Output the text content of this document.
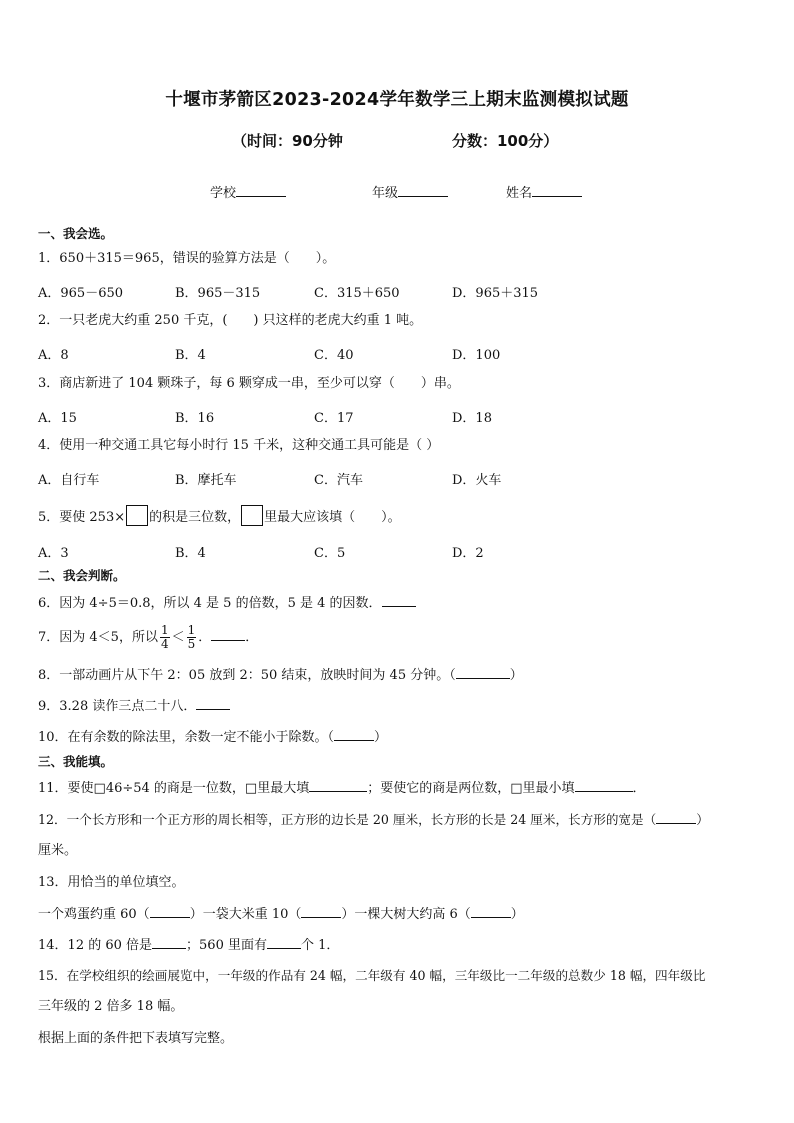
十堰市茅箭区2023-2024学年数学三上期末监测模拟试题
（时间：90分钟	分数：100分）
学校	年级	姓名
一、我会选。
1．650＋315＝965，错误的验算方法是（　　）。
A．965－650	B．965－315	C．315＋650	D．965＋315
2．一只老虎大约重 250 千克，(　　) 只这样的老虎大约重 1 吨。
A．8	B．4	C．40	D．100
3．商店新进了 104 颗珠子，每 6 颗穿成一串，至少可以穿（　　）串。
A．15	B．16	C．17	D．18
4．使用一种交通工具它每小时行 15 千米，这种交通工具可能是（ ）
A．自行车	B．摩托车	C．汽车	D．火车
5．要使 253× 的积是三位数， 里最大应该填（　　）。
A．3	B．4	C．5	D．2
二、我会判断。
6．因为 4÷5＝0.8，所以 4 是 5 的倍数，5 是 4 的因数．
7．因为 4＜5，所以 $\frac{1}{4} < \frac{1}{5}$ ．	．
8．一部动画片从下午 2：05 放到 2：50 结束，放映时间为 45 分钟。（	）
9．3.28 读作三点二十八．
10．在有余数的除法里，余数一定不能小于除数。（	）
三、我能填。
11．要使□46÷54 的商是一位数，□里最大填	；要使它的商是两位数，□里最小填	．
12．一个长方形和一个正方形的周长相等，正方形的边长是 20 厘米，长方形的长是 24 厘米，长方形的宽是（	）
厘米。
13．用恰当的单位填空。
一个鸡蛋约重 60（	）一袋大米重 10（	）一棵大树大约高 6（	）
14．12 的 60 倍是	；560 里面有	个 1．
15．在学校组织的绘画展览中，一年级的作品有 24 幅，二年级有 40 幅，三年级比一二年级的总数少 18 幅，四年级比
三年级的 2 倍多 18 幅。
根据上面的条件把下表填写完整。
